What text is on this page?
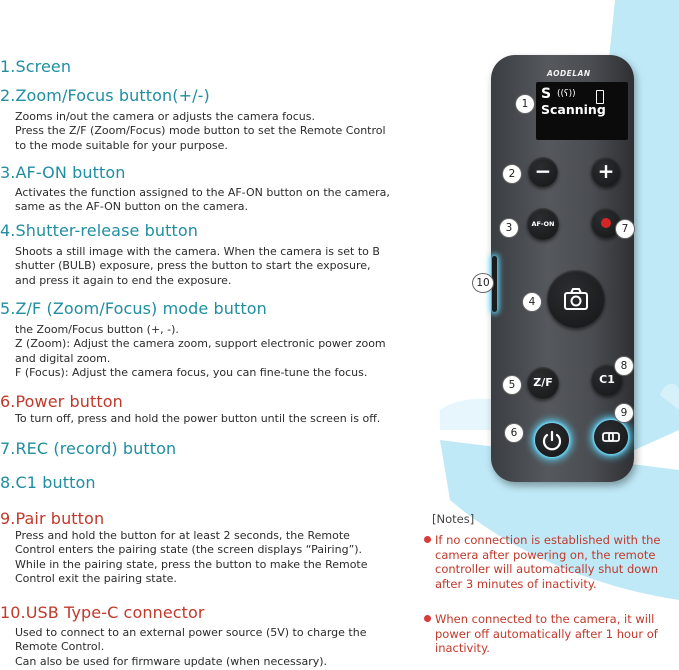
1.Screen
2.Zoom/Focus button(+/-)
Zooms in/out the camera or adjusts the camera focus.
Press the Z/F (Zoom/Focus) mode button to set the Remote Control
to the mode suitable for your purpose.
3.AF-ON button
Activates the function assigned to the AF-ON button on the camera,
same as the AF-ON button on the camera.
4.Shutter-release button
Shoots a still image with the camera. When the camera is set to B
shutter (BULB) exposure, press the button to start the exposure,
and press it again to end the exposure.
5.Z/F (Zoom/Focus) mode button
the Zoom/Focus button (+, -).
Z (Zoom): Adjust the camera zoom, support electronic power zoom
and digital zoom.
F (Focus): Adjust the camera focus, you can fine-tune the focus.
6.Power button
To turn off, press and hold the power button until the screen is off.
7.REC (record) button
8.C1 button
9.Pair button
Press and hold the button for at least 2 seconds, the Remote
Control enters the pairing state (the screen displays “Pairing”).
While in the pairing state, press the button to make the Remote
Control exit the pairing state.
10.USB Type-C connector
Used to connect to an external power source (5V) to charge the
Remote Control.
Can also be used for firmware update (when necessary).
[Notes]
If no connection is established with the
camera after powering on, the remote
controller will automatically shut down
after 3 minutes of inactivity.
When connected to the camera, it will
power off automatically after 1 hour of
inactivity.
AODELAN
S ((ʕ))
Scanning
−	+
AF-ON
Z/F	C1
1
2
3
4
5
6
7
8
9
10
